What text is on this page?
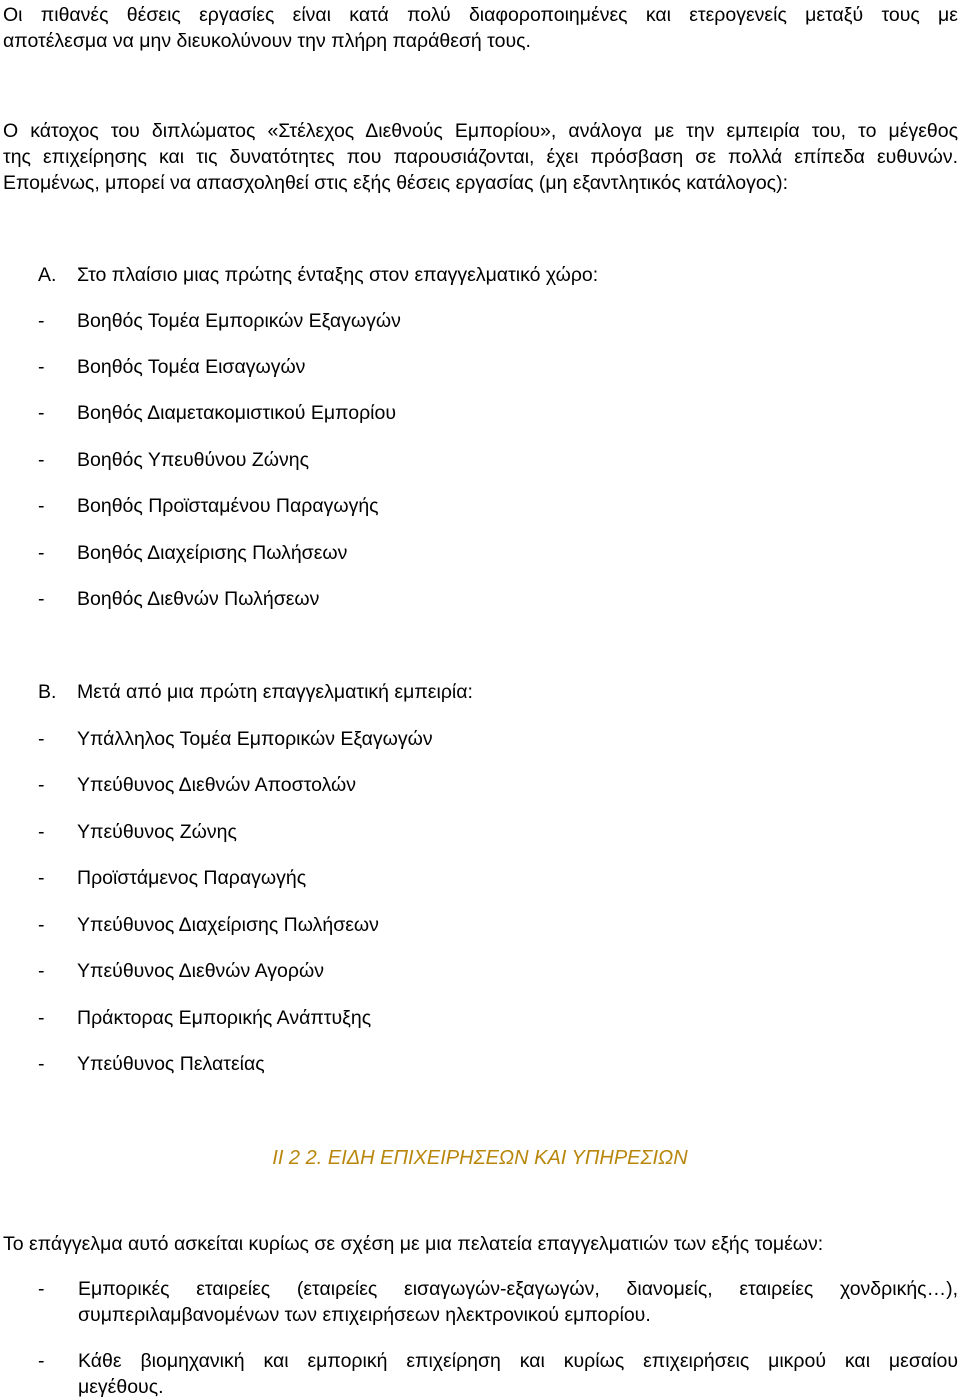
Οι πιθανές θέσεις εργασίες είναι κατά πολύ διαφοροποιημένες και ετερογενείς μεταξύ τους με
αποτέλεσμα να μην διευκολύνουν την πλήρη παράθεσή τους.
Ο κάτοχος του διπλώματος «Στέλεχος Διεθνούς Εμπορίου», ανάλογα με την εμπειρία του, το μέγεθος
της επιχείρησης και τις δυνατότητες που παρουσιάζονται, έχει πρόσβαση σε πολλά επίπεδα ευθυνών.
Επομένως, μπορεί να απασχοληθεί στις εξής θέσεις εργασίας (μη εξαντλητικός κατάλογος):
Α. Στο πλαίσιο μιας πρώτης ένταξης στον επαγγελματικό χώρο:
- Βοηθός Τομέα Εμπορικών Εξαγωγών
- Βοηθός Τομέα Εισαγωγών
- Βοηθός Διαμετακομιστικού Εμπορίου
- Βοηθός Υπευθύνου Ζώνης
- Βοηθός Προϊσταμένου Παραγωγής
- Βοηθός Διαχείρισης Πωλήσεων
- Βοηθός Διεθνών Πωλήσεων
Β. Μετά από μια πρώτη επαγγελματική εμπειρία:
- Υπάλληλος Τομέα Εμπορικών Εξαγωγών
- Υπεύθυνος Διεθνών Αποστολών
- Υπεύθυνος Ζώνης
- Προϊστάμενος Παραγωγής
- Υπεύθυνος Διαχείρισης Πωλήσεων
- Υπεύθυνος Διεθνών Αγορών
- Πράκτορας Εμπορικής Ανάπτυξης
- Υπεύθυνος Πελατείας
ΙΙ 2 2. ΕΙΔΗ ΕΠΙΧΕΙΡΗΣΕΩΝ ΚΑΙ ΥΠΗΡΕΣΙΩΝ
Το επάγγελμα αυτό ασκείται κυρίως σε σχέση με μια πελατεία επαγγελματιών των εξής τομέων:
- Εμπορικές εταιρείες (εταιρείες εισαγωγών-εξαγωγών, διανομείς, εταιρείες χονδρικής…),
συμπεριλαμβανομένων των επιχειρήσεων ηλεκτρονικού εμπορίου.
- Κάθε βιομηχανική και εμπορική επιχείρηση και κυρίως επιχειρήσεις μικρού και μεσαίου
μεγέθους.
